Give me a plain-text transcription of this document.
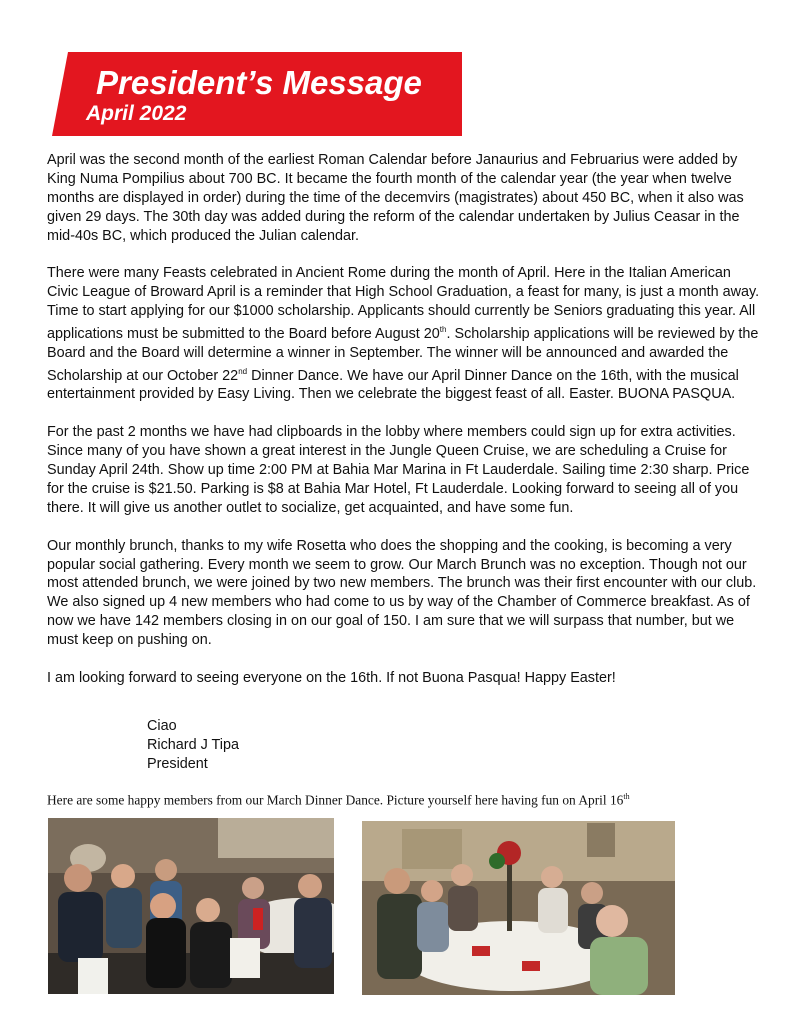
President’s Message
April 2022

April was the second month of the earliest Roman Calendar before Janaurius and Februarius were added by King Numa Pompilius about 700 BC. It became the fourth month of the calendar year (the year when twelve months are displayed in order) during the time of the decemvirs (magistrates) about 450 BC, when it also was given 29 days. The 30th day was added during the reform of the calendar undertaken by Julius Ceasar in the mid-40s BC, which produced the Julian calendar.

There were many Feasts celebrated in Ancient Rome during the month of April. Here in the Italian American Civic League of Broward April is a reminder that High School Graduation, a feast for many, is just a month away. Time to start applying for our $1000 scholarship. Applicants should currently be Seniors graduating this year. All applications must be submitted to the Board before August 20th. Scholarship applications will be reviewed by the Board and the Board will determine a winner in September. The winner will be announced and awarded the Scholarship at our October 22nd Dinner Dance. We have our April Dinner Dance on the 16th, with the musical entertainment provided by Easy Living. Then we celebrate the biggest feast of all. Easter. BUONA PASQUA.

For the past 2 months we have had clipboards in the lobby where members could sign up for extra activities. Since many of you have shown a great interest in the Jungle Queen Cruise, we are scheduling a Cruise for Sunday April 24th. Show up time 2:00 PM at Bahia Mar Marina in Ft Lauderdale. Sailing time 2:30 sharp. Price for the cruise is $21.50. Parking is $8 at Bahia Mar Hotel, Ft Lauderdale. Looking forward to seeing all of you there. It will give us another outlet to socialize, get acquainted, and have some fun.

Our monthly brunch, thanks to my wife Rosetta who does the shopping and the cooking, is becoming a very popular social gathering. Every month we seem to grow. Our March Brunch was no exception. Though not our most attended brunch, we were joined by two new members. The brunch was their first encounter with our club. We also signed up 4 new members who had come to us by way of the Chamber of Commerce breakfast. As of now we have 142 members closing in on our goal of 150. I am sure that we will surpass that number, but we must keep on pushing on.

I am looking forward to seeing everyone on the 16th. If not Buona Pasqua! Happy Easter!

Ciao
Richard J Tipa
President
Here are some happy members from our March Dinner Dance. Picture yourself here having fun on April 16th
